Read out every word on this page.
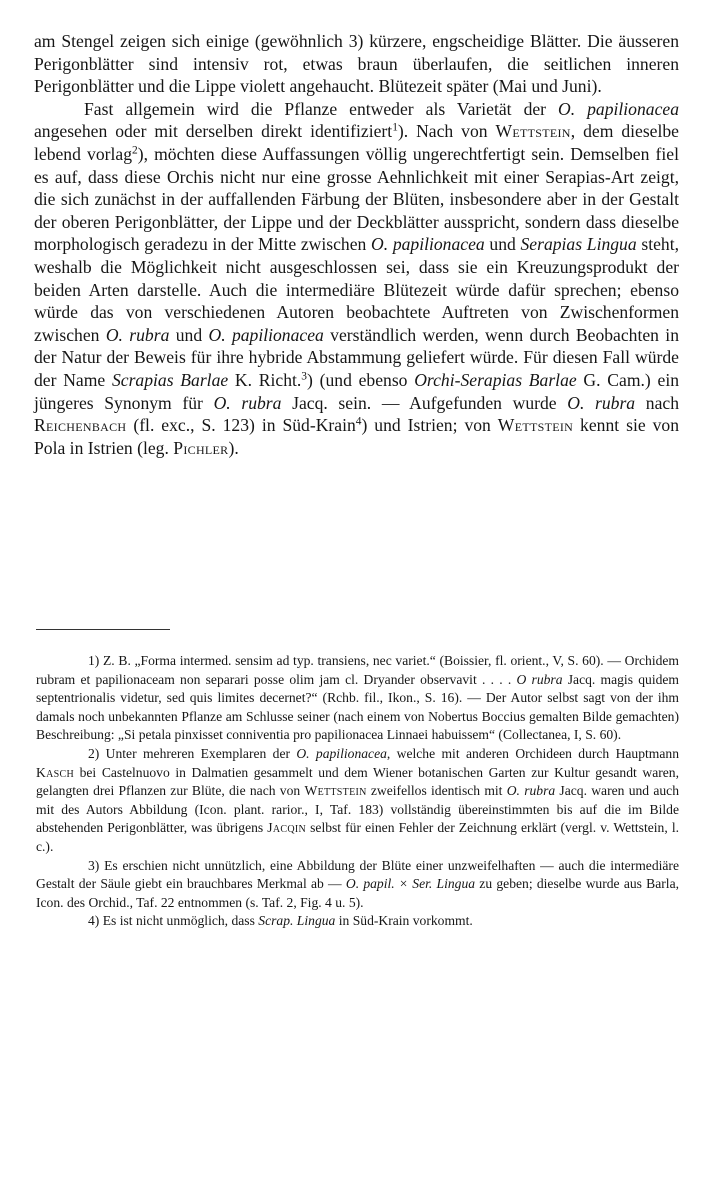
am Stengel zeigen sich einige (gewöhnlich 3) kürzere, engscheidige Blätter. Die äusseren Perigonblätter sind intensiv rot, etwas braun überlaufen, die seitlichen inneren Perigonblätter und die Lippe violett angehaucht. Blütezeit später (Mai und Juni).

Fast allgemein wird die Pflanze entweder als Varietät der O. papilionacea angesehen oder mit derselben direkt identifiziert$^1$). Nach von Wettstein, dem dieselbe lebend vorlag$^2$), möchten diese Auffassungen völlig ungerechtfertigt sein. Demselben fiel es auf, dass diese Orchis nicht nur eine grosse Aehnlichkeit mit einer Serapias-Art zeigt, die sich zunächst in der auffallenden Färbung der Blüten, insbesondere aber in der Gestalt der oberen Perigonblätter, der Lippe und der Deckblätter ausspricht, sondern dass dieselbe morphologisch geradezu in der Mitte zwischen O. papilionacea und Serapias Lingua steht, weshalb die Möglichkeit nicht ausgeschlossen sei, dass sie ein Kreuzungsprodukt der beiden Arten darstelle. Auch die intermediäre Blütezeit würde dafür sprechen; ebenso würde das von verschiedenen Autoren beobachtete Auftreten von Zwischenformen zwischen O. rubra und O. papilionacea verständlich werden, wenn durch Beobachten in der Natur der Beweis für ihre hybride Abstammung geliefert würde. Für diesen Fall würde der Name Scrapias Barlae K. Richt.$^3$) (und ebenso Orchi-Serapias Barlae G. Cam.) ein jüngeres Synonym für O. rubra Jacq. sein. — Aufgefunden wurde O. rubra nach Reichenbach (fl. exc., S. 123) in Süd-Krain$^4$) und Istrien; von Wettstein kennt sie von Pola in Istrien (leg. Pichler).

1) Z. B. „Forma intermed. sensim ad typ. transiens, nec variet.“ (Boissier, fl. orient., V, S. 60). — Orchidem rubram et papilionaceam non separari posse olim jam cl. Dryander observavit . . . . O rubra Jacq. magis quidem septentrionalis videtur, sed quis limites decernet?“ (Rchb. fil., Ikon., S. 16). — Der Autor selbst sagt von der ihm damals noch unbekannten Pflanze am Schlusse seiner (nach einem von Nobertus Boccius gemalten Bilde gemachten) Beschreibung: „Si petala pinxisset conniventia pro papilionacea Linnaei habuissem“ (Collectanea, I, S. 60).

2) Unter mehreren Exemplaren der O. papilionacea, welche mit anderen Orchideen durch Hauptmann Kasch bei Castelnuovo in Dalmatien gesammelt und dem Wiener botanischen Garten zur Kultur gesandt waren, gelangten drei Pflanzen zur Blüte, die nach von Wettstein zweifellos identisch mit O. rubra Jacq. waren und auch mit des Autors Abbildung (Icon. plant. rarior., I, Taf. 183) vollständig übereinstimmten bis auf die im Bilde abstehenden Perigonblätter, was übrigens Jacqin selbst für einen Fehler der Zeichnung erklärt (vergl. v. Wettstein, l. c.).

3) Es erschien nicht unnützlich, eine Abbildung der Blüte einer unzweifelhaften — auch die intermediäre Gestalt der Säule giebt ein brauchbares Merkmal ab — O. papil. × Ser. Lingua zu geben; dieselbe wurde aus Barla, Icon. des Orchid., Taf. 22 entnommen (s. Taf. 2, Fig. 4 u. 5).

4) Es ist nicht unmöglich, dass Scrap. Lingua in Süd-Krain vorkommt.
